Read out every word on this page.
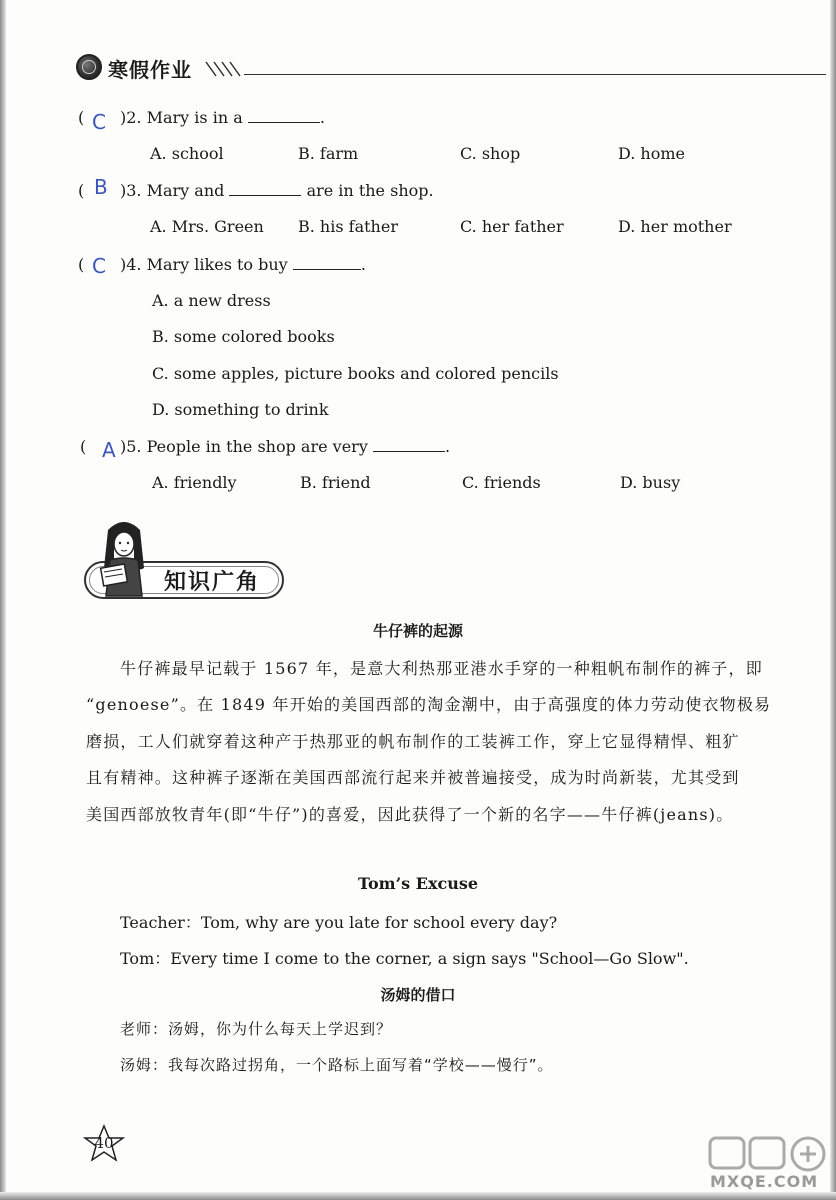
寒假作业
( C )2. Mary is in a	.
A. school	B. farm	C. shop	D. home
( B )3. Mary and	are in the shop.
A. Mrs. Green B. his father	C. her father	D. her mother
( C )4. Mary likes to buy	.
A. a new dress
B. some colored books
C. some apples, picture books and colored pencils
D. something to drink
( A )5. People in the shop are very	.
A. friendly	B. friend	C. friends	D. busy
知识广角
牛仔裤的起源
牛仔裤最早记载于 1567 年，是意大利热那亚港水手穿的一种粗帆布制作的裤子，即
“genoese”。在 1849 年开始的美国西部的淘金潮中，由于高强度的体力劳动使衣物极易
磨损，工人们就穿着这种产于热那亚的帆布制作的工装裤工作，穿上它显得精悍、粗犷
且有精神。这种裤子逐渐在美国西部流行起来并被普遍接受，成为时尚新装，尤其受到
美国西部放牧青年(即“牛仔”)的喜爱，因此获得了一个新的名字——牛仔裤(jeans)。
Tom’s Excuse
Teacher：Tom, why are you late for school every day?
Tom：Every time I come to the corner, a sign says "School—Go Slow".
汤姆的借口
老师：汤姆，你为什么每天上学迟到？
汤姆：我每次路过拐角，一个路标上面写着“学校——慢行”。
40
MXQE.COM
